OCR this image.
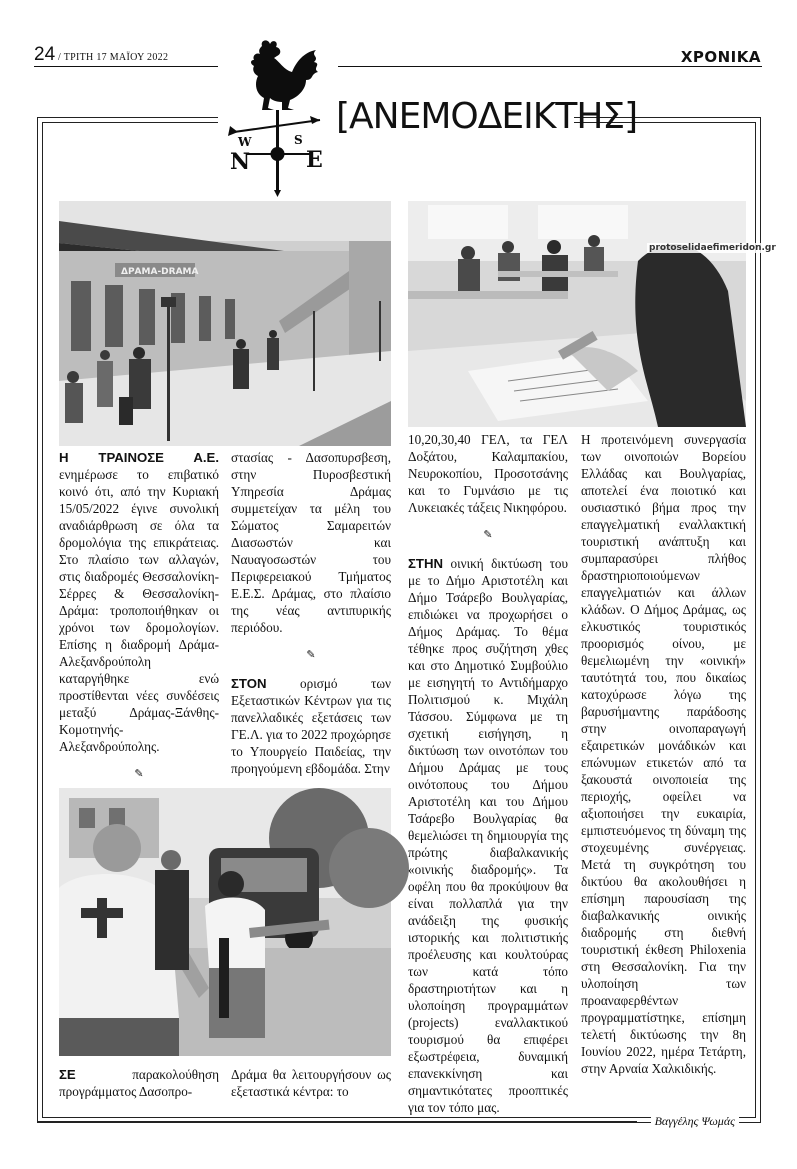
24 / ΤΡΙΤΗ 17 ΜΑΪΟΥ 2022	ΧΡΟΝΙΚΑ
[ΑΝΕΜΟΔΕΙΚΤΗΣ]
N
W	S
E
ΔΡΑΜΑ-DRAMA
protoselidaefimeridon.gr

Η ΤΡΑΙΝΟΣΕ Α.Ε. ενημέρωσε το επιβατικό κοινό ότι, από την Κυριακή 15/05/2022 έγινε συνολική αναδιάρθρωση σε όλα τα δρομολόγια της επικράτειας. Στο πλαίσιο των αλλαγών, στις διαδρομές Θεσσαλονίκη-Σέρρες & Θεσσαλονίκη-Δράμα: τροποποιήθηκαν οι χρόνοι των δρομολογίων. Επίσης η διαδρομή Δράμα-Αλεξανδρούπολη καταργήθηκε ενώ προστίθενται νέες συνδέσεις μεταξύ Δράμας-Ξάνθης-Κομοτηνής-Αλεξανδρούπολης.

✎

ΣΕ παρακολούθηση προγράμματος Δασοπρο-

στασίας - Δασοπυρσβεση, στην Πυροσβεστική Υπηρεσία Δράμας συμμετείχαν τα μέλη του Σώματος Σαμαρειτών Διασωστών και Ναυαγοσωστών του Περιφερειακού Τμήματος Ε.Ε.Σ. Δράμας, στο πλαίσιο της νέας αντιπυρικής περιόδου.

✎

ΣΤΟΝ ορισμό των Εξεταστικών Κέντρων για τις πανελλαδικές εξετάσεις των ΓΕ.Λ. για το 2022 προχώρησε το Υπουργείο Παιδείας, την προηγούμενη εβδομάδα. Στην

Δράμα θα λειτουργήσουν ως εξεταστικά κέντρα: το

10,20,30,40 ΓΕΛ, τα ΓΕΛ Δοξάτου, Καλαμπακίου, Νευροκοπίου, Προσοτσάνης και το Γυμνάσιο με τις Λυκειακές τάξεις Νικηφόρου.

✎

ΣΤΗΝ οινική δικτύωση του με το Δήμο Αριστοτέλη και Δήμο Τσάρεβο Βουλγαρίας, επιδιώκει να προχωρήσει ο Δήμος Δράμας. Το θέμα τέθηκε προς συζήτηση χθες και στο Δημοτικό Συμβούλιο με εισηγητή το Αντιδήμαρχο Πολιτισμού κ. Μιχάλη Τάσσου. Σύμφωνα με τη σχετική εισήγηση, η δικτύωση των οινοτόπων του Δήμου Δράμας με τους οινότοπους του Δήμου Αριστοτέλη και του Δήμου Τσάρεβο Βουλγαρίας θα θεμελιώσει τη δημιουργία της πρώτης διαβαλκανικής «οινικής διαδρομής». Τα οφέλη που θα προκύψουν θα είναι πολλαπλά για την ανάδειξη της φυσικής ιστορικής και πολιτιστικής προέλευσης και κουλτούρας των κατά τόπο δραστηριοτήτων και η υλοποίηση προγραμμάτων (projects) εναλλακτικού τουρισμού θα επιφέρει εξωστρέφεια, δυναμική επανεκκίνηση και σημαντικότατες προοπτικές για τον τόπο μας.

Η προτεινόμενη συνεργασία των οινοποιών Βορείου Ελλάδας και Βουλγαρίας, αποτελεί ένα ποιοτικό και ουσιαστικό βήμα προς την επαγγελματική εναλλακτική τουριστική ανάπτυξη και συμπαρασύρει πλήθος δραστηριοποιούμενων επαγγελματιών και άλλων κλάδων. Ο Δήμος Δράμας, ως ελκυστικός τουριστικός προορισμός οίνου, με θεμελιωμένη την «οινική» ταυτότητά του, που δικαίως κατοχύρωσε λόγω της βαρυσήμαντης παράδοσης στην οινοπαραγωγή εξαιρετικών μονάδικών και επώνυμων ετικετών από τα ξακουστά οινοποιεία της περιοχής, οφείλει να αξιοποιήσει την ευκαιρία, εμπιστευόμενος τη δύναμη της στοχευμένης συνέργειας. Μετά τη συγκρότηση του δικτύου θα ακολουθήσει η επίσημη παρουσίαση της διαβαλκανικής οινικής διαδρομής στη διεθνή τουριστική έκθεση Philoxenia στη Θεσσαλονίκη. Για την υλοποίηση των προαναφερθέντων προγραμματίστηκε, επίσημη τελετή δικτύωσης την 8η Ιουνίου 2022, ημέρα Τετάρτη, στην Αρναία Χαλκιδικής.

Βαγγέλης Ψωμάς
